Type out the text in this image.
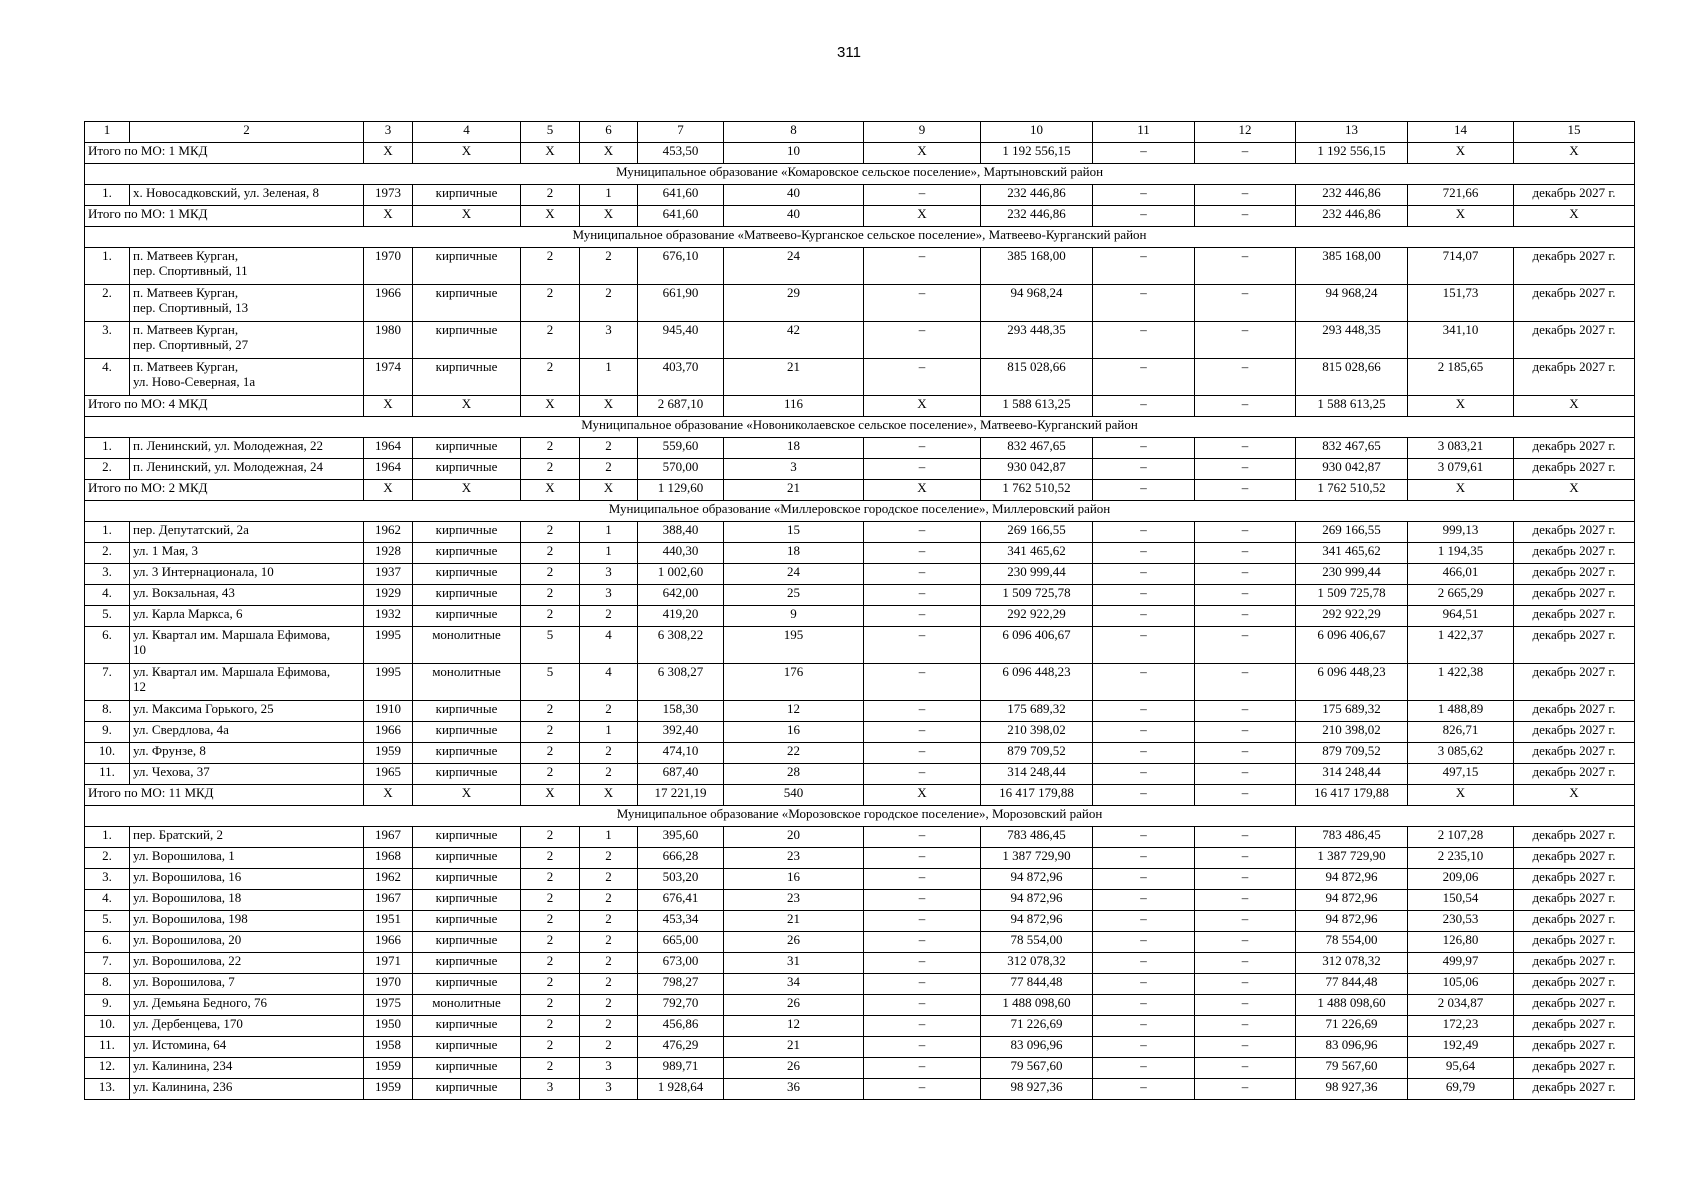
311
1	2	3	4	5	6	7	8	9	10	11	12	13	14	15
Итого по МО: 1 МКД		X	X	X	X	453,50	10	X	1 192 556,15	–	–	1 192 556,15	X	X
Муниципальное образование «Комаровское сельское поселение», Мартыновский район														
1.	х. Новосадковский, ул. Зеленая, 8	1973	кирпичные	2	1	641,60	40	–	232 446,86	–	–	232 446,86	721,66	декабрь 2027 г.
Итого по МО: 1 МКД		X	X	X	X	641,60	40	X	232 446,86	–	–	232 446,86	X	X
Муниципальное образование «Матвеево-Курганское сельское поселение», Матвеево-Курганский район														
1.	п. Матвеев Курган,
пер. Спортивный, 11	1970	кирпичные	2	2	676,10	24	–	385 168,00	–	–	385 168,00	714,07	декабрь 2027 г.
2.	п. Матвеев Курган,
пер. Спортивный, 13	1966	кирпичные	2	2	661,90	29	–	94 968,24	–	–	94 968,24	151,73	декабрь 2027 г.
3.	п. Матвеев Курган,
пер. Спортивный, 27	1980	кирпичные	2	3	945,40	42	–	293 448,35	–	–	293 448,35	341,10	декабрь 2027 г.
4.	п. Матвеев Курган,
ул. Ново-Северная, 1а	1974	кирпичные	2	1	403,70	21	–	815 028,66	–	–	815 028,66	2 185,65	декабрь 2027 г.
Итого по МО: 4 МКД		X	X	X	X	2 687,10	116	X	1 588 613,25	–	–	1 588 613,25	X	X
Муниципальное образование «Новониколаевское сельское поселение», Матвеево-Курганский район														
1.	п. Ленинский, ул. Молодежная, 22	1964	кирпичные	2	2	559,60	18	–	832 467,65	–	–	832 467,65	3 083,21	декабрь 2027 г.
2.	п. Ленинский, ул. Молодежная, 24	1964	кирпичные	2	2	570,00	3	–	930 042,87	–	–	930 042,87	3 079,61	декабрь 2027 г.
Итого по МО: 2 МКД		X	X	X	X	1 129,60	21	X	1 762 510,52	–	–	1 762 510,52	X	X
Муниципальное образование «Миллеровское городское поселение», Миллеровский район														
1.	пер. Депутатский, 2а	1962	кирпичные	2	1	388,40	15	–	269 166,55	–	–	269 166,55	999,13	декабрь 2027 г.
2.	ул. 1 Мая, 3	1928	кирпичные	2	1	440,30	18	–	341 465,62	–	–	341 465,62	1 194,35	декабрь 2027 г.
3.	ул. 3 Интернационала, 10	1937	кирпичные	2	3	1 002,60	24	–	230 999,44	–	–	230 999,44	466,01	декабрь 2027 г.
4.	ул. Вокзальная, 43	1929	кирпичные	2	3	642,00	25	–	1 509 725,78	–	–	1 509 725,78	2 665,29	декабрь 2027 г.
5.	ул. Карла Маркса, 6	1932	кирпичные	2	2	419,20	9	–	292 922,29	–	–	292 922,29	964,51	декабрь 2027 г.
6.	ул. Квартал им. Маршала Ефимова,
10	1995	монолитные	5	4	6 308,22	195	–	6 096 406,67	–	–	6 096 406,67	1 422,37	декабрь 2027 г.
7.	ул. Квартал им. Маршала Ефимова,
12	1995	монолитные	5	4	6 308,27	176	–	6 096 448,23	–	–	6 096 448,23	1 422,38	декабрь 2027 г.
8.	ул. Максима Горького, 25	1910	кирпичные	2	2	158,30	12	–	175 689,32	–	–	175 689,32	1 488,89	декабрь 2027 г.
9.	ул. Свердлова, 4а	1966	кирпичные	2	1	392,40	16	–	210 398,02	–	–	210 398,02	826,71	декабрь 2027 г.
10.	ул. Фрунзе, 8	1959	кирпичные	2	2	474,10	22	–	879 709,52	–	–	879 709,52	3 085,62	декабрь 2027 г.
11.	ул. Чехова, 37	1965	кирпичные	2	2	687,40	28	–	314 248,44	–	–	314 248,44	497,15	декабрь 2027 г.
Итого по МО: 11 МКД		X	X	X	X	17 221,19	540	X	16 417 179,88	–	–	16 417 179,88	X	X
Муниципальное образование «Морозовское городское поселение», Морозовский район														
1.	пер. Братский, 2	1967	кирпичные	2	1	395,60	20	–	783 486,45	–	–	783 486,45	2 107,28	декабрь 2027 г.
2.	ул. Ворошилова, 1	1968	кирпичные	2	2	666,28	23	–	1 387 729,90	–	–	1 387 729,90	2 235,10	декабрь 2027 г.
3.	ул. Ворошилова, 16	1962	кирпичные	2	2	503,20	16	–	94 872,96	–	–	94 872,96	209,06	декабрь 2027 г.
4.	ул. Ворошилова, 18	1967	кирпичные	2	2	676,41	23	–	94 872,96	–	–	94 872,96	150,54	декабрь 2027 г.
5.	ул. Ворошилова, 198	1951	кирпичные	2	2	453,34	21	–	94 872,96	–	–	94 872,96	230,53	декабрь 2027 г.
6.	ул. Ворошилова, 20	1966	кирпичные	2	2	665,00	26	–	78 554,00	–	–	78 554,00	126,80	декабрь 2027 г.
7.	ул. Ворошилова, 22	1971	кирпичные	2	2	673,00	31	–	312 078,32	–	–	312 078,32	499,97	декабрь 2027 г.
8.	ул. Ворошилова, 7	1970	кирпичные	2	2	798,27	34	–	77 844,48	–	–	77 844,48	105,06	декабрь 2027 г.
9.	ул. Демьяна Бедного, 76	1975	монолитные	2	2	792,70	26	–	1 488 098,60	–	–	1 488 098,60	2 034,87	декабрь 2027 г.
10.	ул. Дербенцева, 170	1950	кирпичные	2	2	456,86	12	–	71 226,69	–	–	71 226,69	172,23	декабрь 2027 г.
11.	ул. Истомина, 64	1958	кирпичные	2	2	476,29	21	–	83 096,96	–	–	83 096,96	192,49	декабрь 2027 г.
12.	ул. Калинина, 234	1959	кирпичные	2	3	989,71	26	–	79 567,60	–	–	79 567,60	95,64	декабрь 2027 г.
13.	ул. Калинина, 236	1959	кирпичные	3	3	1 928,64	36	–	98 927,36	–	–	98 927,36	69,79	декабрь 2027 г.
